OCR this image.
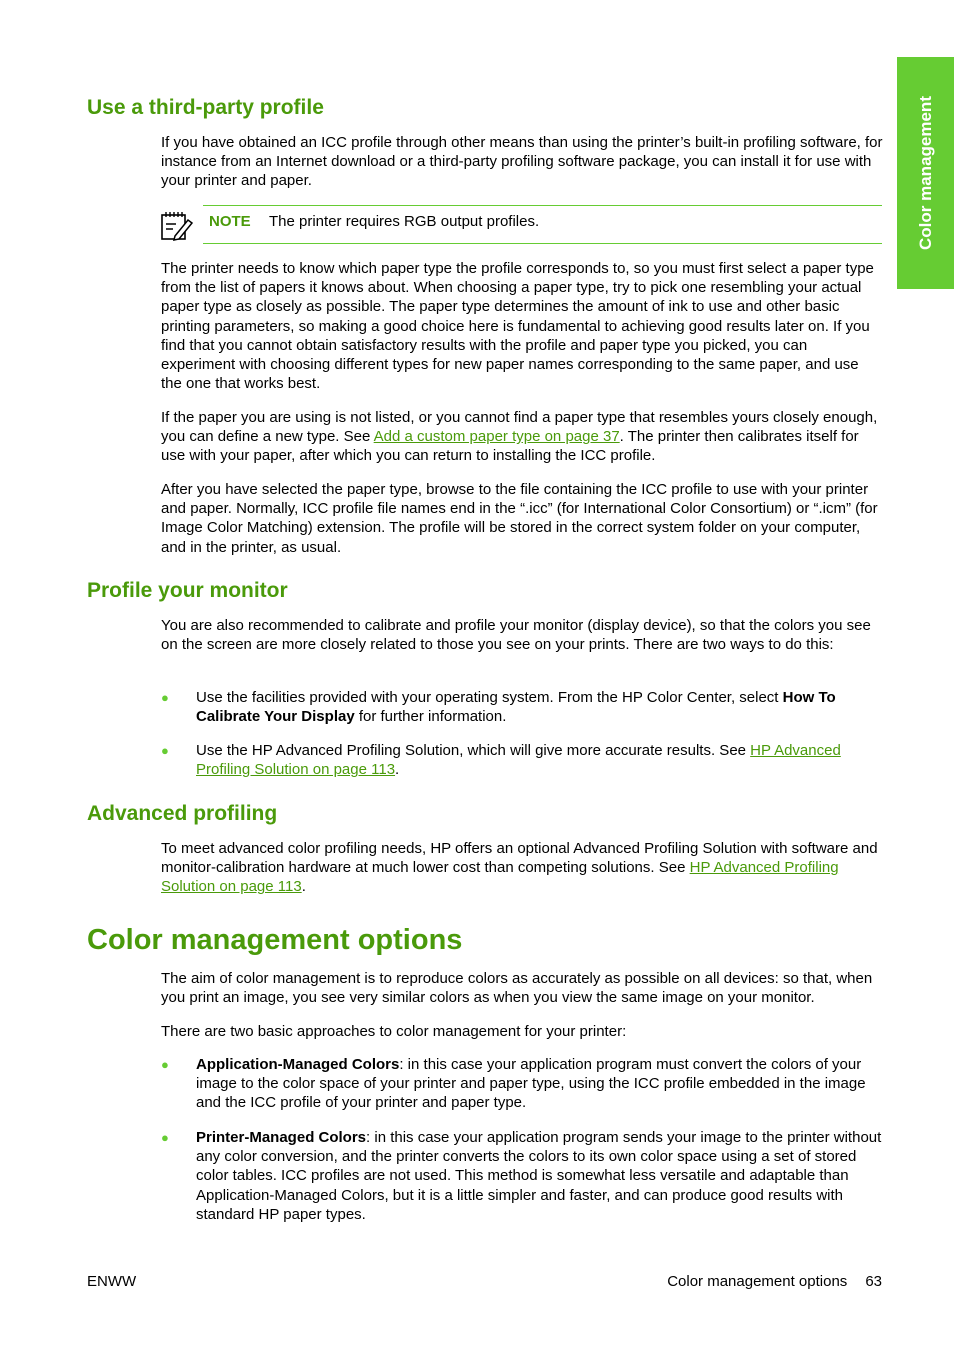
Color management
Use a third-party profile

If you have obtained an ICC profile through other means than using the printer’s built-in profiling software, for instance from an Internet download or a third-party profiling software package, you can install it for use with your printer and paper.

NOTE The printer requires RGB output profiles.

The printer needs to know which paper type the profile corresponds to, so you must first select a paper type from the list of papers it knows about. When choosing a paper type, try to pick one resembling your actual paper type as closely as possible. The paper type determines the amount of ink to use and other basic printing parameters, so making a good choice here is fundamental to achieving good results later on. If you find that you cannot obtain satisfactory results with the profile and paper type you picked, you can experiment with choosing different types for new paper names corresponding to the same paper, and use the one that works best.

If the paper you are using is not listed, or you cannot find a paper type that resembles yours closely enough, you can define a new type. See Add a custom paper type on page 37. The printer then calibrates itself for use with your paper, after which you can return to installing the ICC profile.

After you have selected the paper type, browse to the file containing the ICC profile to use with your printer and paper. Normally, ICC profile file names end in the “.icc” (for International Color Consortium) or “.icm” (for Image Color Matching) extension. The profile will be stored in the correct system folder on your computer, and in the printer, as usual.

Profile your monitor

You are also recommended to calibrate and profile your monitor (display device), so that the colors you see on the screen are more closely related to those you see on your prints. There are two ways to do this:

● Use the facilities provided with your operating system. From the HP Color Center, select How To Calibrate Your Display for further information.
● Use the HP Advanced Profiling Solution, which will give more accurate results. See HP Advanced Profiling Solution on page 113.
Advanced profiling

To meet advanced color profiling needs, HP offers an optional Advanced Profiling Solution with software and monitor-calibration hardware at much lower cost than competing solutions. See HP Advanced Profiling Solution on page 113.

Color management options

The aim of color management is to reproduce colors as accurately as possible on all devices: so that, when you print an image, you see very similar colors as when you view the same image on your monitor.

There are two basic approaches to color management for your printer:

● Application-Managed Colors: in this case your application program must convert the colors of your image to the color space of your printer and paper type, using the ICC profile embedded in the image and the ICC profile of your printer and paper type.
● Printer-Managed Colors: in this case your application program sends your image to the printer without any color conversion, and the printer converts the colors to its own color space using a set of stored color tables. ICC profiles are not used. This method is somewhat less versatile and adaptable than Application-Managed Colors, but it is a little simpler and faster, and can produce good results with standard HP paper types.
ENWW	Color management options 63
